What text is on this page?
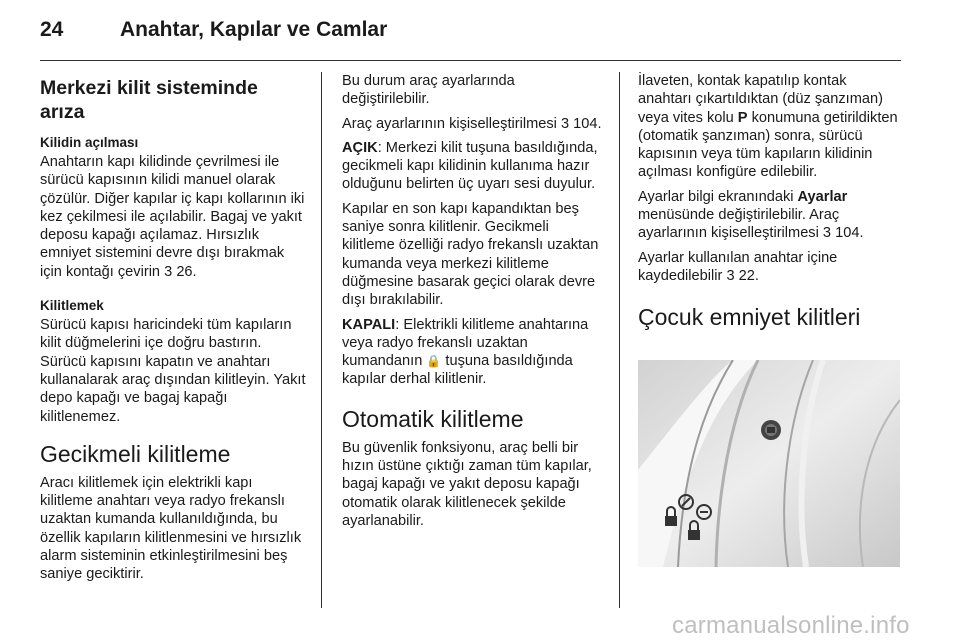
24	Anahtar, Kapılar ve Camlar
Merkezi kilit sisteminde arıza
Kilidin açılması

Anahtarın kapı kilidinde çevrilmesi ile sürücü kapısının kilidi manuel olarak çözülür. Diğer kapılar iç kapı kollarının iki kez çekilmesi ile açılabilir. Bagaj ve yakıt deposu kapağı açılamaz. Hırsızlık emniyet sistemini devre dışı bırakmak için kontağı çevirin 3 26.

Kilitlemek

Sürücü kapısı haricindeki tüm kapıların kilit düğmelerini içe doğru bastırın. Sürücü kapısını kapatın ve anahtarı kullanalarak araç dışından kilitleyin. Yakıt depo kapağı ve bagaj kapağı kilitlenemez.

Gecikmeli kilitleme

Aracı kilitlemek için elektrikli kapı kilitleme anahtarı veya radyo frekanslı uzaktan kumanda kullanıldığında, bu özellik kapıların kilitlenmesini ve hırsızlık alarm sisteminin etkinleştirilmesini beş saniye geciktirir.

Bu durum araç ayarlarında değiştirilebilir.

Araç ayarlarının kişiselleştirilmesi 3 104.

AÇIK: Merkezi kilit tuşuna basıldığında, gecikmeli kapı kilidinin kullanıma hazır olduğunu belirten üç uyarı sesi duyulur.

Kapılar en son kapı kapandıktan beş saniye sonra kilitlenir. Gecikmeli kilitleme özelliği radyo frekanslı uzaktan kumanda veya merkezi kilitleme düğmesine basarak geçici olarak devre dışı bırakılabilir.

KAPALI: Elektrikli kilitleme anahtarına veya radyo frekanslı uzaktan kumandanın 🔒 tuşuna basıldığında kapılar derhal kilitlenir.

Otomatik kilitleme

Bu güvenlik fonksiyonu, araç belli bir hızın üstüne çıktığı zaman tüm kapılar, bagaj kapağı ve yakıt deposu kapağı otomatik olarak kilitlenecek şekilde ayarlanabilir.

İlaveten, kontak kapatılıp kontak anahtarı çıkartıldıktan (düz şanzıman) veya vites kolu P konumuna getirildikten (otomatik şanzıman) sonra, sürücü kapısının veya tüm kapıların kilidinin açılması konfigüre edilebilir.

Ayarlar bilgi ekranındaki Ayarlar menüsünde değiştirilebilir. Araç ayarlarının kişiselleştirilmesi 3 104.

Ayarlar kullanılan anahtar içine kaydedilebilir 3 22.

Çocuk emniyet kilitleri
carmanualsonline.info
